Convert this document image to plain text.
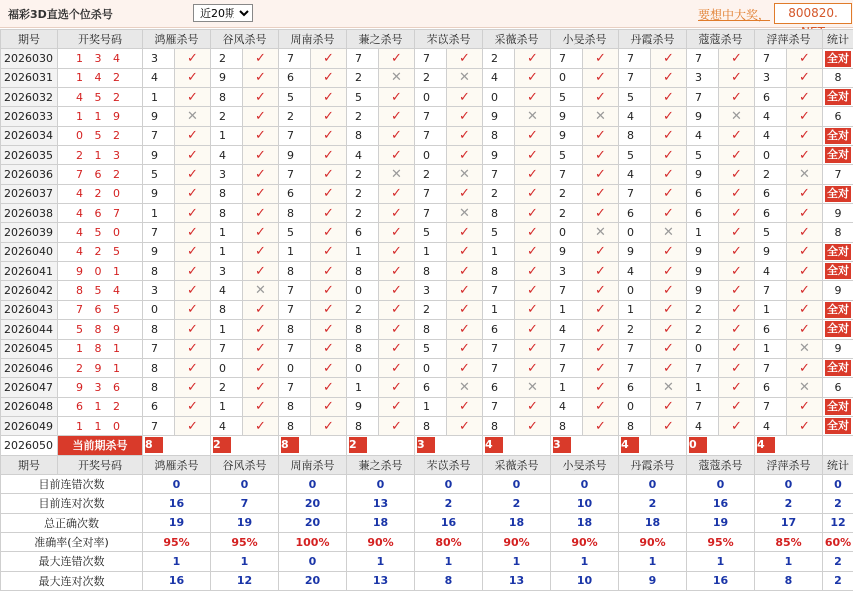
福彩3D直选个位杀号
近20期	要想中大奖，	800820.
期号	开奖号码	鸿雁杀号		谷风杀号		周南杀号		蒹之杀号		芣苡杀号		采薇杀号		小旻杀号		丹霞杀号		蔻蔻杀号		浮萍杀号		统计
2026030	1 3 4	3	✓	2	✓	7	✓	7	✓	7	✓	2	✓	7	✓	7	✓	7	✓	7	✓	全对
2026031	1 4 2	4	✓	9	✓	6	✓	2	✕	2	✕	4	✓	0	✓	7	✓	3	✓	3	✓	8
2026032	4 5 2	1	✓	8	✓	5	✓	5	✓	0	✓	0	✓	5	✓	5	✓	7	✓	6	✓	全对
2026033	1 1 9	9	✕	2	✓	2	✓	2	✓	7	✓	9	✕	9	✕	4	✓	9	✕	4	✓	6
2026034	0 5 2	7	✓	1	✓	7	✓	8	✓	7	✓	8	✓	9	✓	8	✓	4	✓	4	✓	全对
2026035	2 1 3	9	✓	4	✓	9	✓	4	✓	0	✓	9	✓	5	✓	5	✓	5	✓	0	✓	全对
2026036	7 6 2	5	✓	3	✓	7	✓	2	✕	2	✕	7	✓	7	✓	4	✓	9	✓	2	✕	7
2026037	4 2 0	9	✓	8	✓	6	✓	2	✓	7	✓	2	✓	2	✓	7	✓	6	✓	6	✓	全对
2026038	4 6 7	1	✓	8	✓	8	✓	2	✓	7	✕	8	✓	2	✓	6	✓	6	✓	6	✓	9
2026039	4 5 0	7	✓	1	✓	5	✓	6	✓	5	✓	5	✓	0	✕	0	✕	1	✓	5	✓	8
2026040	4 2 5	9	✓	1	✓	1	✓	1	✓	1	✓	1	✓	9	✓	9	✓	9	✓	9	✓	全对
2026041	9 0 1	8	✓	3	✓	8	✓	8	✓	8	✓	8	✓	3	✓	4	✓	9	✓	4	✓	全对
2026042	8 5 4	3	✓	4	✕	7	✓	0	✓	3	✓	7	✓	7	✓	0	✓	9	✓	7	✓	9
2026043	7 6 5	0	✓	8	✓	7	✓	2	✓	2	✓	1	✓	1	✓	1	✓	2	✓	1	✓	全对
2026044	5 8 9	8	✓	1	✓	8	✓	8	✓	8	✓	6	✓	4	✓	2	✓	2	✓	6	✓	全对
2026045	1 8 1	7	✓	7	✓	7	✓	8	✓	5	✓	7	✓	7	✓	7	✓	0	✓	1	✕	9
2026046	2 9 1	8	✓	0	✓	0	✓	0	✓	0	✓	7	✓	7	✓	7	✓	7	✓	7	✓	全对
2026047	9 3 6	8	✓	2	✓	7	✓	1	✓	6	✕	6	✕	1	✓	6	✕	1	✓	6	✕	6
2026048	6 1 2	6	✓	1	✓	8	✓	9	✓	1	✓	7	✓	4	✓	0	✓	7	✓	7	✓	全对
2026049	1 1 0	7	✓	4	✓	8	✓	8	✓	8	✓	8	✓	8	✓	8	✓	4	✓	4	✓	全对
2026050	当前期杀号	8		2		8		2		3		4		3		4		0		4		

期号	开奖号码	鸿雁杀号		谷风杀号		周南杀号		蒹之杀号		芣苡杀号		采薇杀号		小旻杀号		丹霞杀号		蔻蔻杀号		浮萍杀号		统计
目前连错次数		0		0		0		0		0		0		0		0		0		0		0
目前连对次数		16		7		20		13		2		2		10		2		16		2		2
总正确次数		19		19		20		18		16		18		18		18		19		17		12
准确率(全对率)		95%		95%		100%		90%		80%		90%		90%		90%		95%		85%		60%
最大连错次数		1		1		0		1		1		1		1		1		1		1		2
最大连对次数		16		12		20		13		8		13		10		9		16		8		2
